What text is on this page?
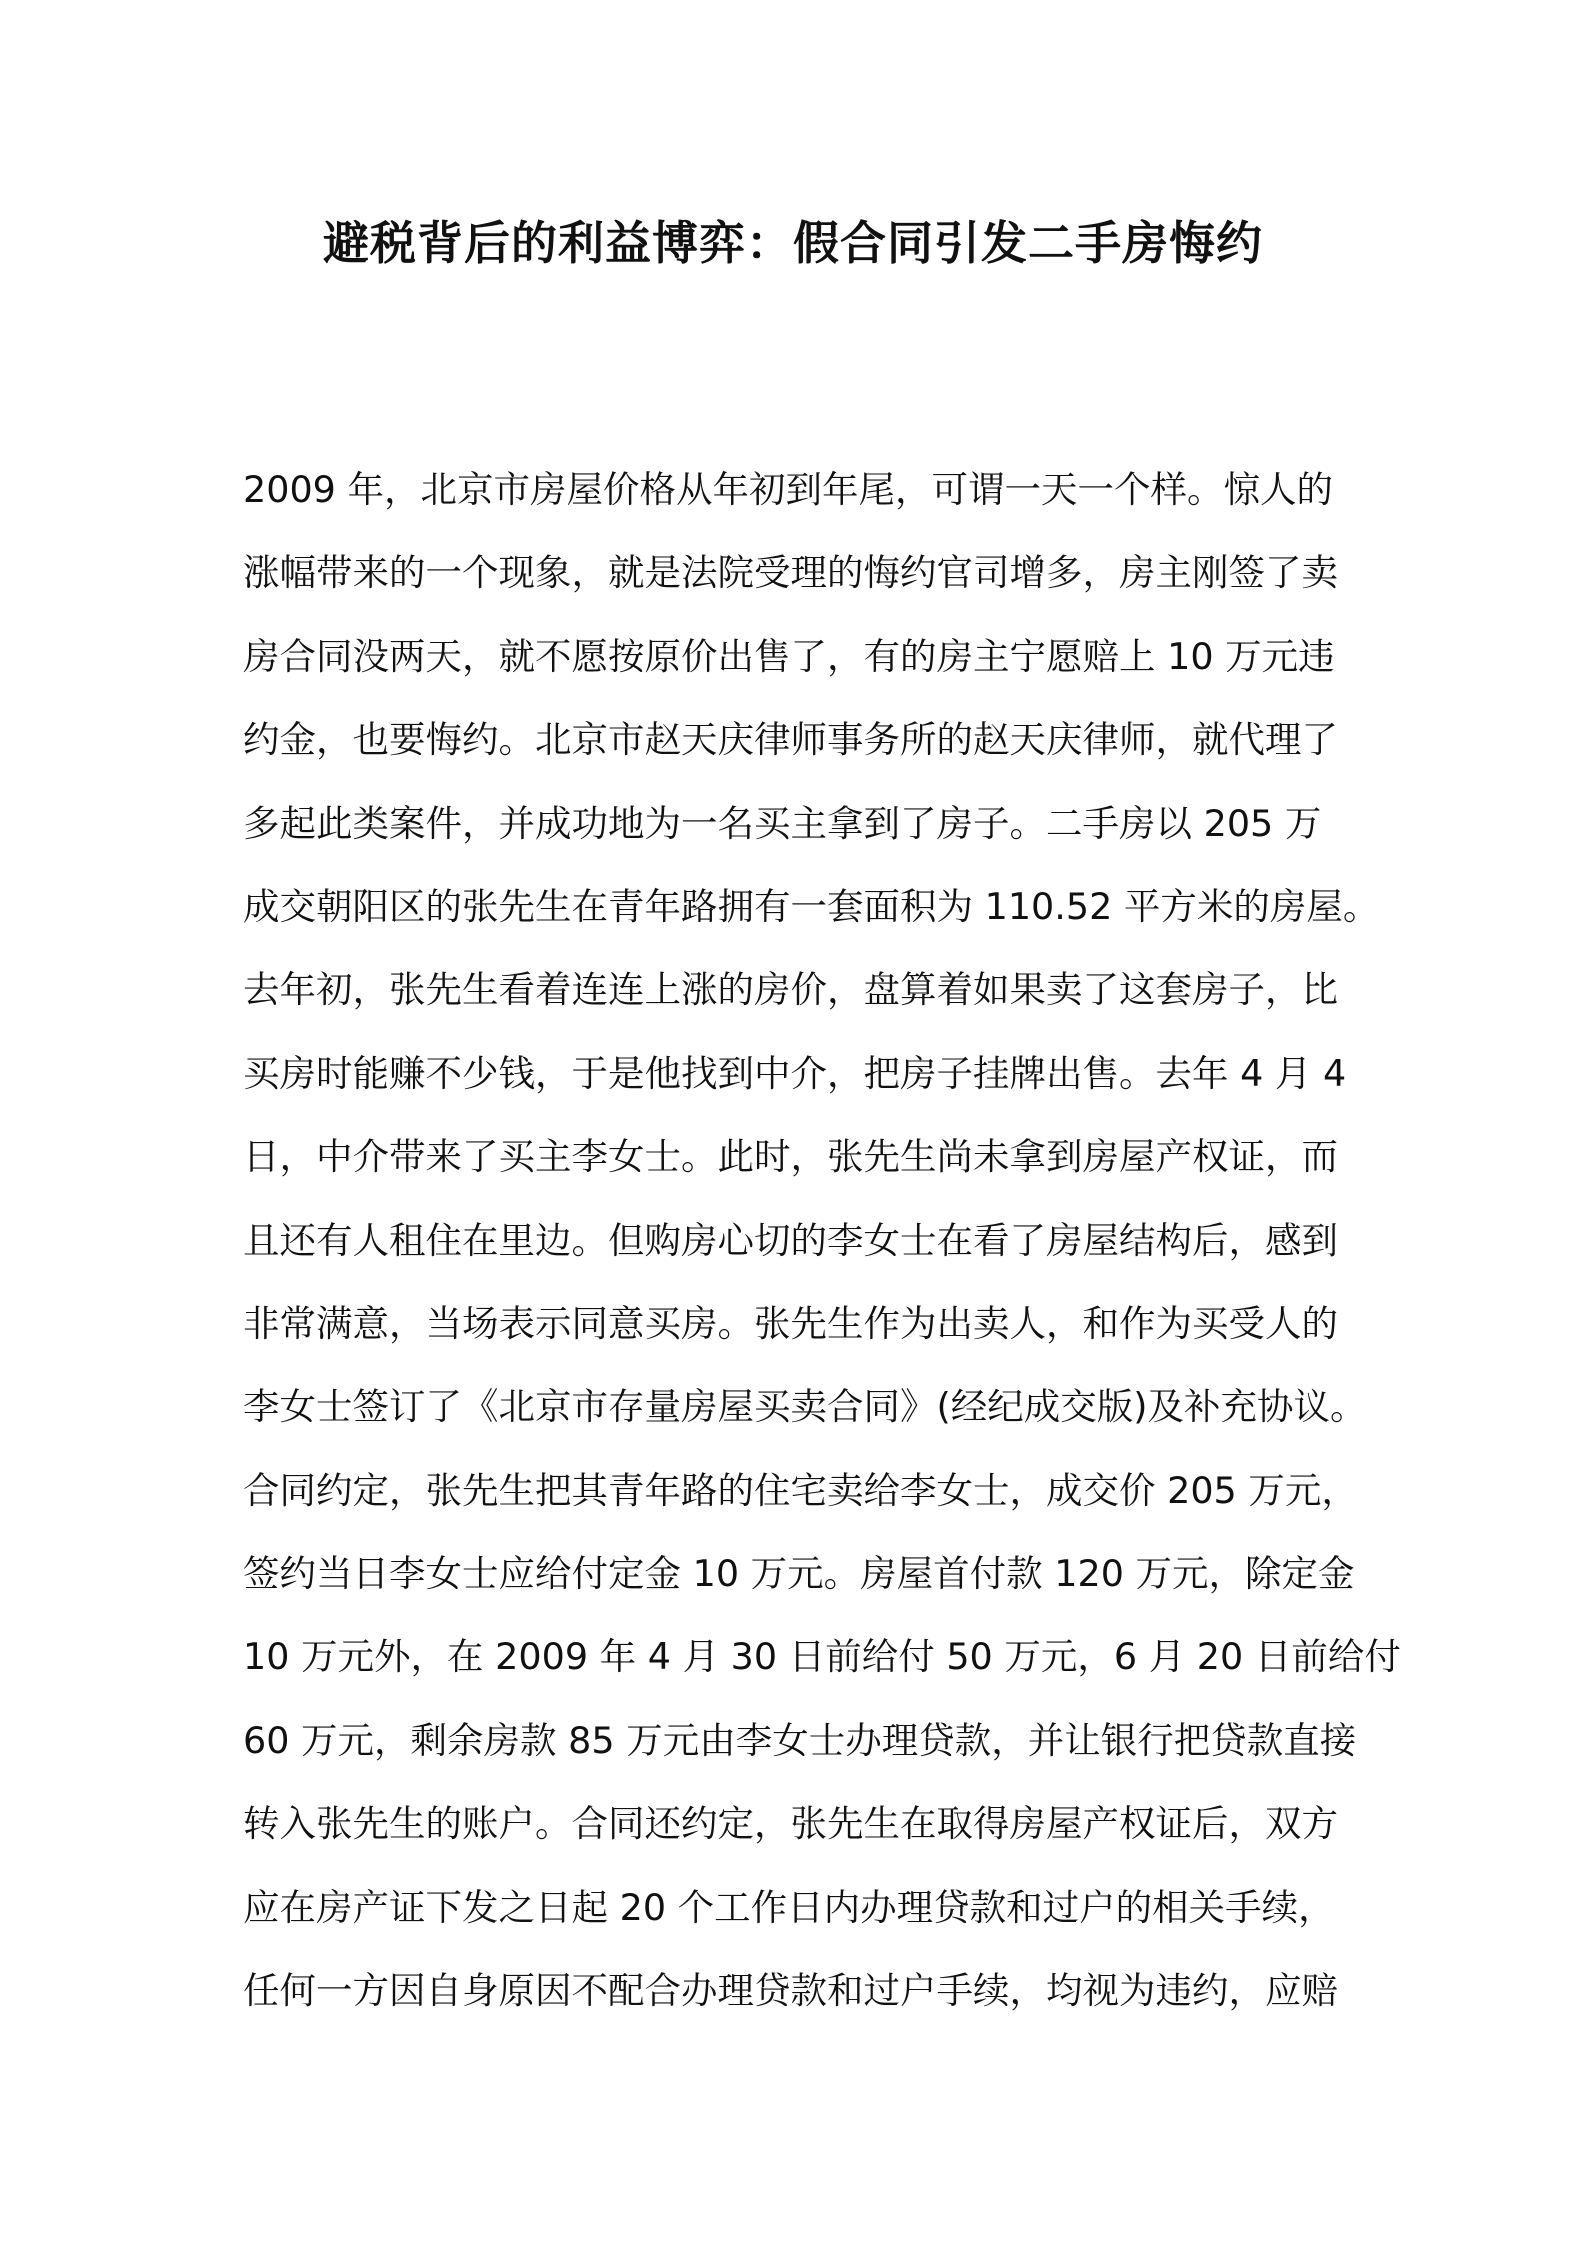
避税背后的利益博弈：假合同引发二手房悔约
2009 年，北京市房屋价格从年初到年尾，可谓一天一个样。惊人的
涨幅带来的一个现象，就是法院受理的悔约官司增多，房主刚签了卖
房合同没两天，就不愿按原价出售了，有的房主宁愿赔上 10 万元违
约金，也要悔约。北京市赵天庆律师事务所的赵天庆律师，就代理了
多起此类案件，并成功地为一名买主拿到了房子。二手房以 205 万
成交朝阳区的张先生在青年路拥有一套面积为 110.52 平方米的房屋。
去年初，张先生看着连连上涨的房价，盘算着如果卖了这套房子，比
买房时能赚不少钱，于是他找到中介，把房子挂牌出售。去年 4 月 4
日，中介带来了买主李女士。此时，张先生尚未拿到房屋产权证，而
且还有人租住在里边。但购房心切的李女士在看了房屋结构后，感到
非常满意，当场表示同意买房。张先生作为出卖人，和作为买受人的
李女士签订了《北京市存量房屋买卖合同》(经纪成交版)及补充协议。
合同约定，张先生把其青年路的住宅卖给李女士，成交价 205 万元，
签约当日李女士应给付定金 10 万元。房屋首付款 120 万元，除定金
10 万元外，在 2009 年 4 月 30 日前给付 50 万元，6 月 20 日前给付
60 万元，剩余房款 85 万元由李女士办理贷款，并让银行把贷款直接
转入张先生的账户。合同还约定，张先生在取得房屋产权证后，双方
应在房产证下发之日起 20 个工作日内办理贷款和过户的相关手续，
任何一方因自身原因不配合办理贷款和过户手续，均视为违约，应赔
